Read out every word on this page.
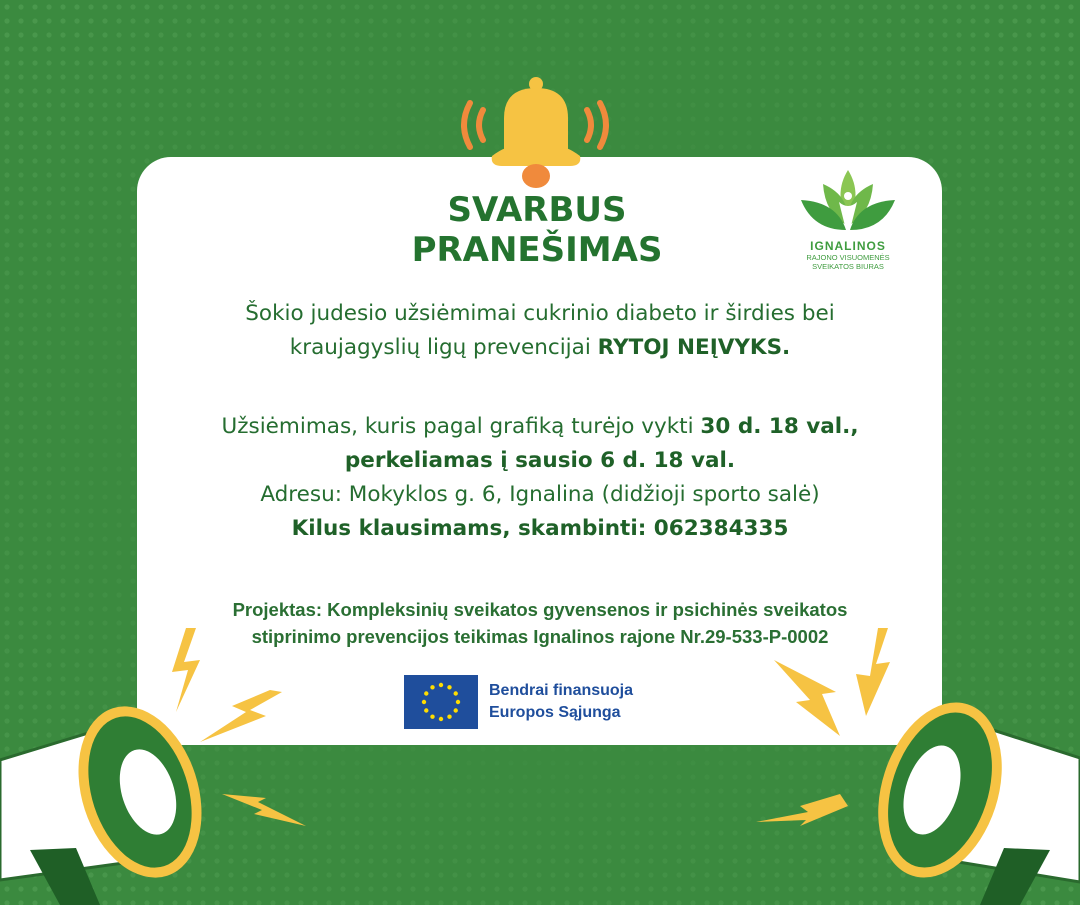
SVARBUS
PRANEŠIMAS	IGNALINOS
RAJONO VISUOMENĖS
SVEIKATOS BIURAS
Šokio judesio užsiėmimai cukrinio diabeto ir širdies bei
kraujagyslių ligų prevencijai RYTOJ NEĮVYKS.
Užsiėmimas, kuris pagal grafiką turėjo vykti 30 d. 18 val.,
perkeliamas į sausio 6 d. 18 val.
Adresu: Mokyklos g. 6, Ignalina (didžioji sporto salė)
Kilus klausimams, skambinti: 062384335
Projektas: Kompleksinių sveikatos gyvensenos ir psichinės sveikatos
stiprinimo prevencijos teikimas Ignalinos rajone Nr.29-533-P-0002
Bendrai finansuoja
Europos Sąjunga
